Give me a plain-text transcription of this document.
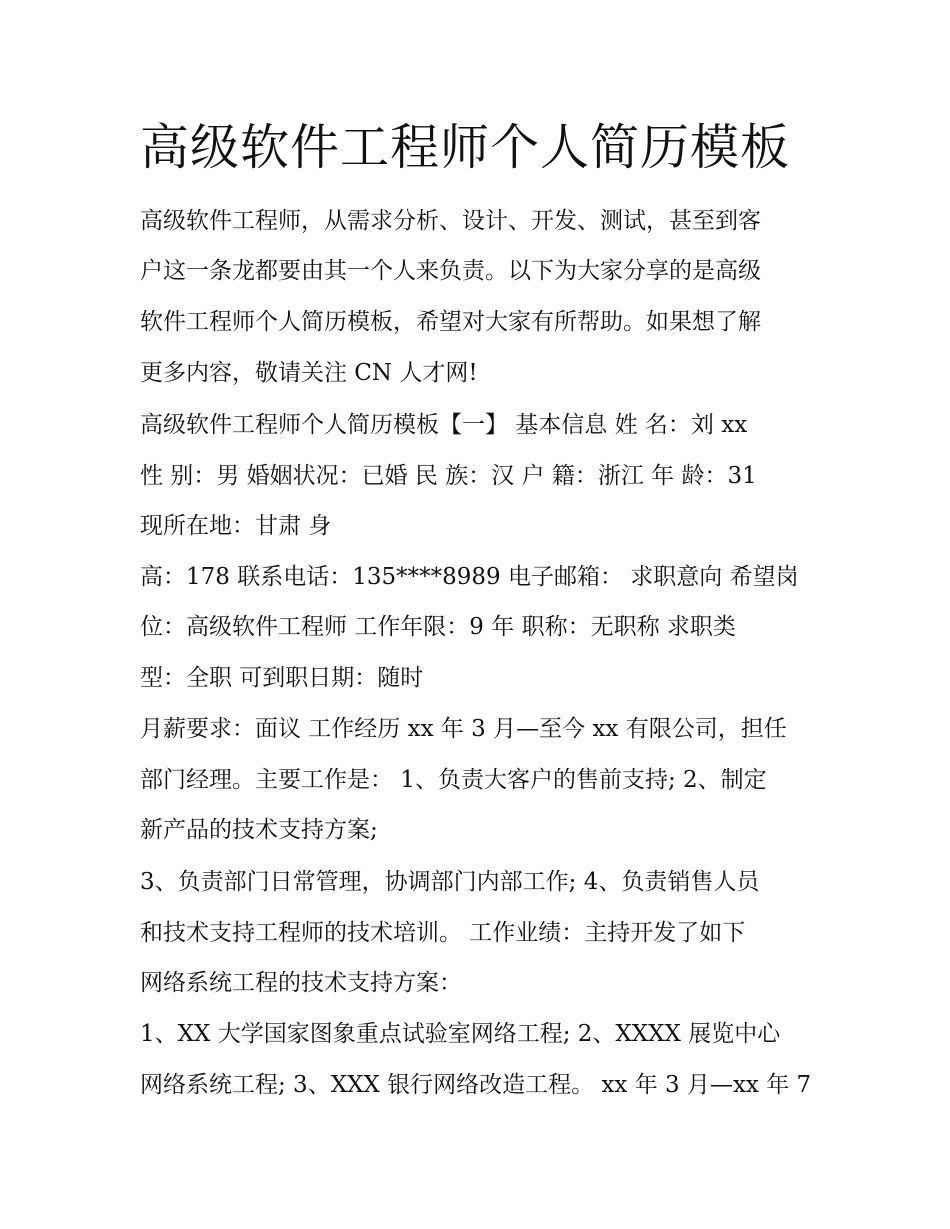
高级软件工程师个人简历模板

高级软件工程师，从需求分析、设计、开发、测试，甚至到客

户这一条龙都要由其一个人来负责。以下为大家分享的是高级

软件工程师个人简历模板，希望对大家有所帮助。如果想了解

更多内容，敬请关注 CN 人才网!

高级软件工程师个人简历模板【一】 基本信息 姓 名：刘 xx

性 别：男 婚姻状况：已婚 民 族：汉 户 籍：浙江 年 龄：31

现所在地：甘肃 身

高：178 联系电话：135****8989 电子邮箱： 求职意向 希望岗

位：高级软件工程师 工作年限：9 年 职称：无职称 求职类

型：全职 可到职日期：随时

月薪要求：面议 工作经历 xx 年 3 月—至今 xx 有限公司，担任

部门经理。主要工作是： 1、负责大客户的售前支持; 2、制定

新产品的技术支持方案;

3、负责部门日常管理，协调部门内部工作; 4、负责销售人员

和技术支持工程师的技术培训。 工作业绩：主持开发了如下

网络系统工程的技术支持方案：

1、XX 大学国家图象重点试验室网络工程; 2、XXXX 展览中心

网络系统工程; 3、XXX 银行网络改造工程。 xx 年 3 月—xx 年 7
